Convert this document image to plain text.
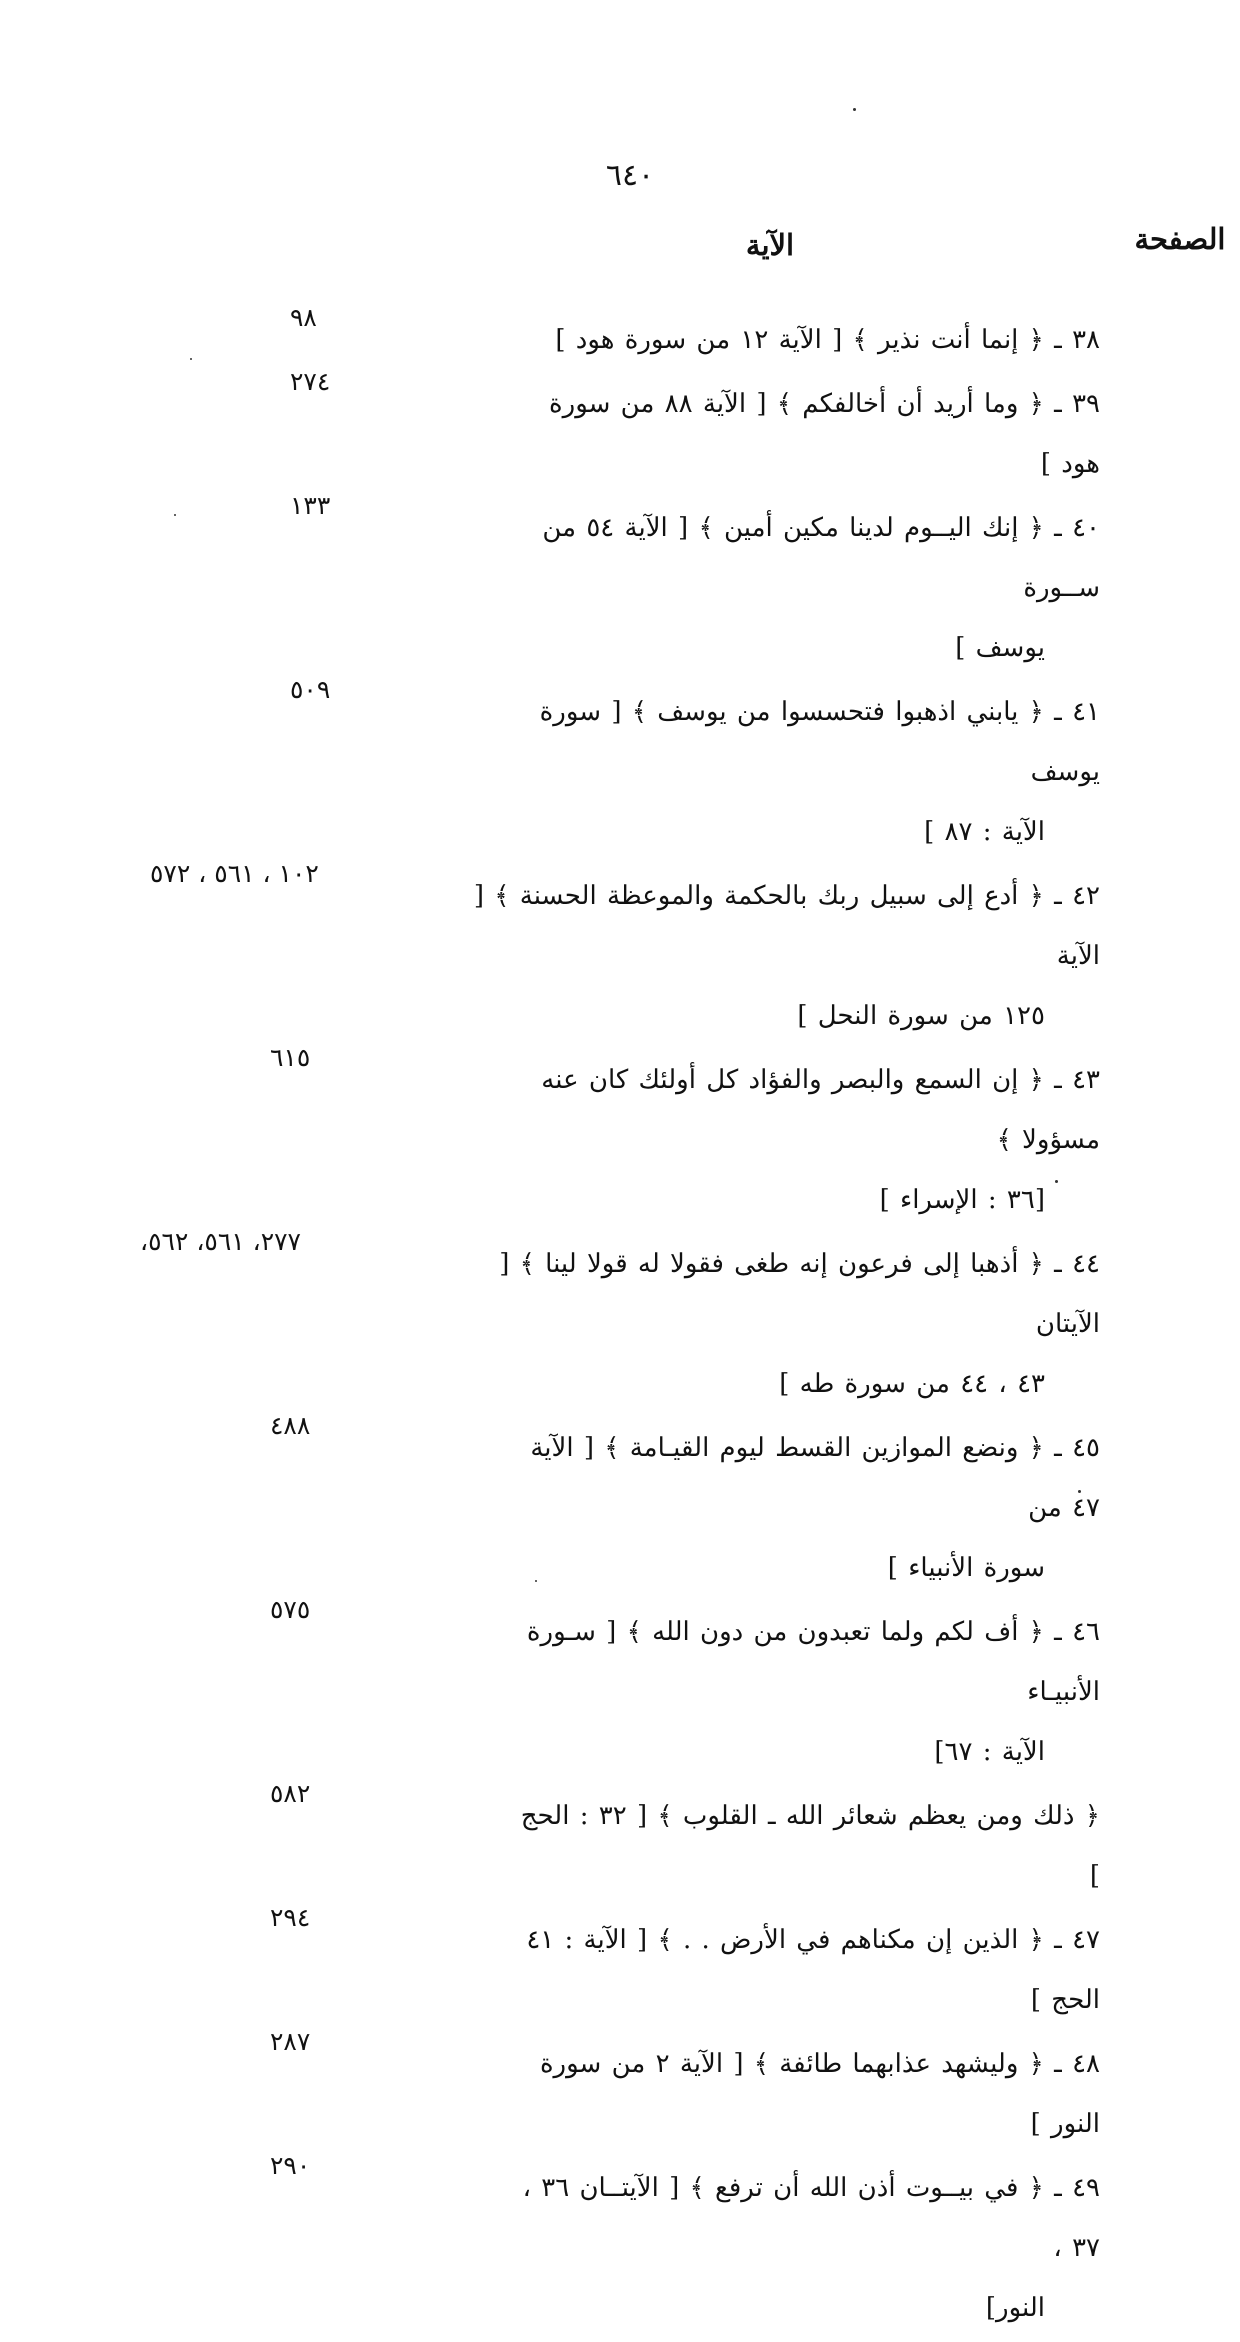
٦٤٠
الآية	الصفحة
٣٨ ـ ﴿ إنما أنت نذير ﴾ [ الآية ١٢ من سورة هود ]
٩٨
٣٩ ـ ﴿ وما أريد أن أخالفكم ﴾ [ الآية ٨٨ من سورة هود ]
٢٧٤
٤٠ ـ ﴿ إنك اليــوم لدينا مكين أمين ﴾ [ الآية ٥٤ من ســورة
يوسف ]
١٣٣
٤١ ـ ﴿ يابني اذهبوا فتحسسوا من يوسف ﴾ [ سورة يوسف
الآية : ٨٧ ]
٥٠٩
٤٢ ـ ﴿ أدع إلى سبيل ربك بالحكمة والموعظة الحسنة ﴾ [ الآية
١٢٥ من سورة النحل ]
١٠٢ ، ٥٦١ ، ٥٧٢
٤٣ ـ ﴿ إن السمع والبصر والفؤاد كل أولئك كان عنه مسؤولا ﴾
[٣٦ : الإسراء ]
٦١٥
٤٤ ـ ﴿ أذهبا إلى فرعون إنه طغى فقولا له قولا لينا ﴾ [ الآيتان
٤٣ ، ٤٤ من سورة طه ]
٢٧٧، ٥٦١، ٥٦٢،
٤٥ ـ ﴿ ونضع الموازين القسط ليوم القيـامة ﴾ [ الآية ٤٧ من
سورة الأنبياء ]
٤٨٨
٤٦ ـ ﴿ أف لكم ولما تعبدون من دون الله ﴾ [ سـورة الأنبيـاء
الآية : ٦٧]
٥٧٥
﴿ ذلك ومن يعظم شعائر الله ـ القلوب ﴾ [ ٣٢ : الحج ]
٥٨٢
٤٧ ـ ﴿ الذين إن مكناهم في الأرض . . ﴾ [ الآية : ٤١ الحج ]
٢٩٤
٤٨ ـ ﴿ وليشهد عذابهما طائفة ﴾ [ الآية ٢ من سورة النور ]
٢٨٧
٤٩ ـ ﴿ في بيــوت أذن الله أن ترفع ﴾ [ الآيتــان ٣٦ ، ٣٧ ،
النور]
٢٩٠
